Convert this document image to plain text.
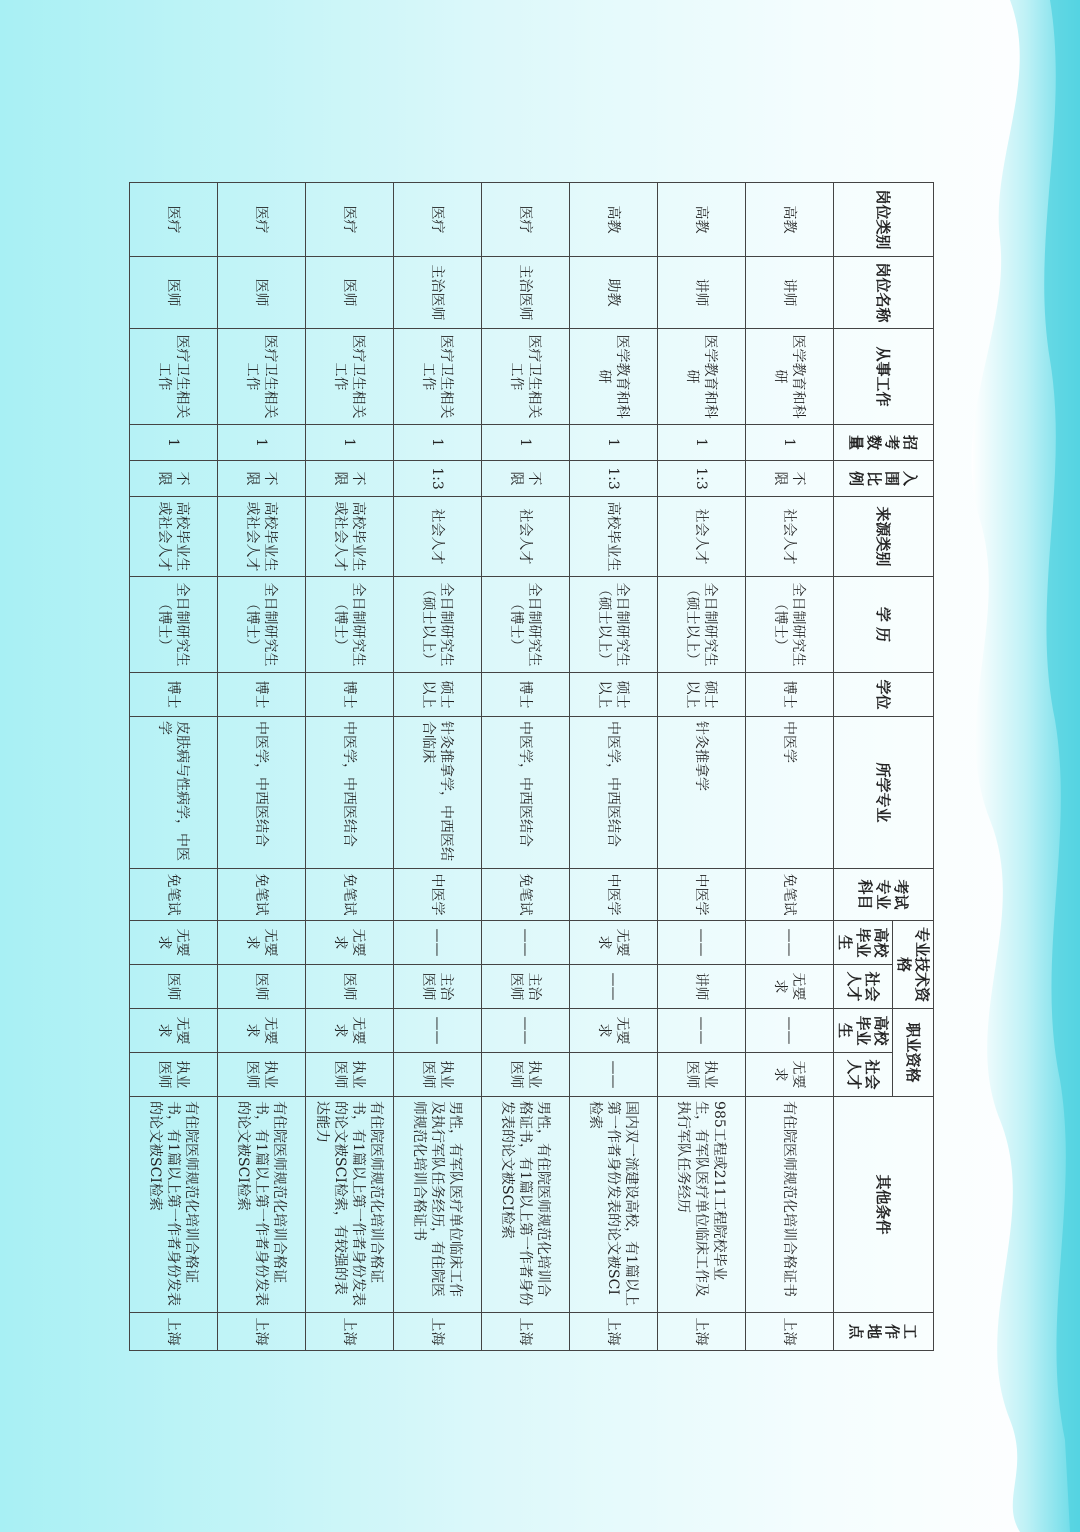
岗位类别	岗位名称	从事工作	招考数量	入围比例	来源类别	学 历	学位	所学专业	考试专业科目	专业技术资格		职业资格		其他条件	工作地点
										高校毕业生	社会人才	高校毕业生	社会人才		
高教	讲师	医学教育和科研	1	不限	社会人才	全日制研究生（博士）	博士	中医学	免笔试	——	无要求	——	无要求	有住院医师规范化培训合格证书	上海
高教	讲师	医学教育和科研	1	1:3	社会人才	全日制研究生（硕士以上）	硕士以上	针灸推拿学	中医学	——	讲师	——	执业医师	985工程或211工程院校毕业生，有军队医疗单位临床工作及执行军队任务经历	上海
高教	助教	医学教育和科研	1	1:3	高校毕业生	全日制研究生（硕士以上）	硕士以上	中医学，中西医结合	中医学	无要求	——	无要求	——	国内双一流建设高校，有1篇以上第一作者身份发表的论文被SCI检索	上海
医疗	主治医师	医疗卫生相关工作	1	不限	社会人才	全日制研究生（博士）	博士	中医学，中西医结合	免笔试	——	主治医师	——	执业医师	男性，有住院医师规范化培训合格证书，有1篇以上第一作者身份发表的论文被SCI检索	上海
医疗	主治医师	医疗卫生相关工作	1	1:3	社会人才	全日制研究生（硕士以上）	硕士以上	针灸推拿学，中西医结合临床	中医学	——	主治医师	——	执业医师	男性，有军队医疗单位临床工作及执行军队任务经历，有住院医师规范化培训合格证书	上海
医疗	医师	医疗卫生相关工作	1	不限	高校毕业生或社会人才	全日制研究生（博士）	博士	中医学，中西医结合	免笔试	无要求	医师	无要求	执业医师	有住院医师规范化培训合格证书，有1篇以上第一作者身份发表的论文被SCI检索，有较强的表达能力	上海
医疗	医师	医疗卫生相关工作	1	不限	高校毕业生或社会人才	全日制研究生（博士）	博士	中医学，中西医结合	免笔试	无要求	医师	无要求	执业医师	有住院医师规范化培训合格证书，有1篇以上第一作者身份发表的论文被SCI检索	上海
医疗	医师	医疗卫生相关工作	1	不限	高校毕业生或社会人才	全日制研究生（博士）	博士	皮肤病与性病学，中医学	免笔试	无要求	医师	无要求	执业医师	有住院医师规范化培训合格证书，有1篇以上第一作者身份发表的论文被SCI检索	上海
